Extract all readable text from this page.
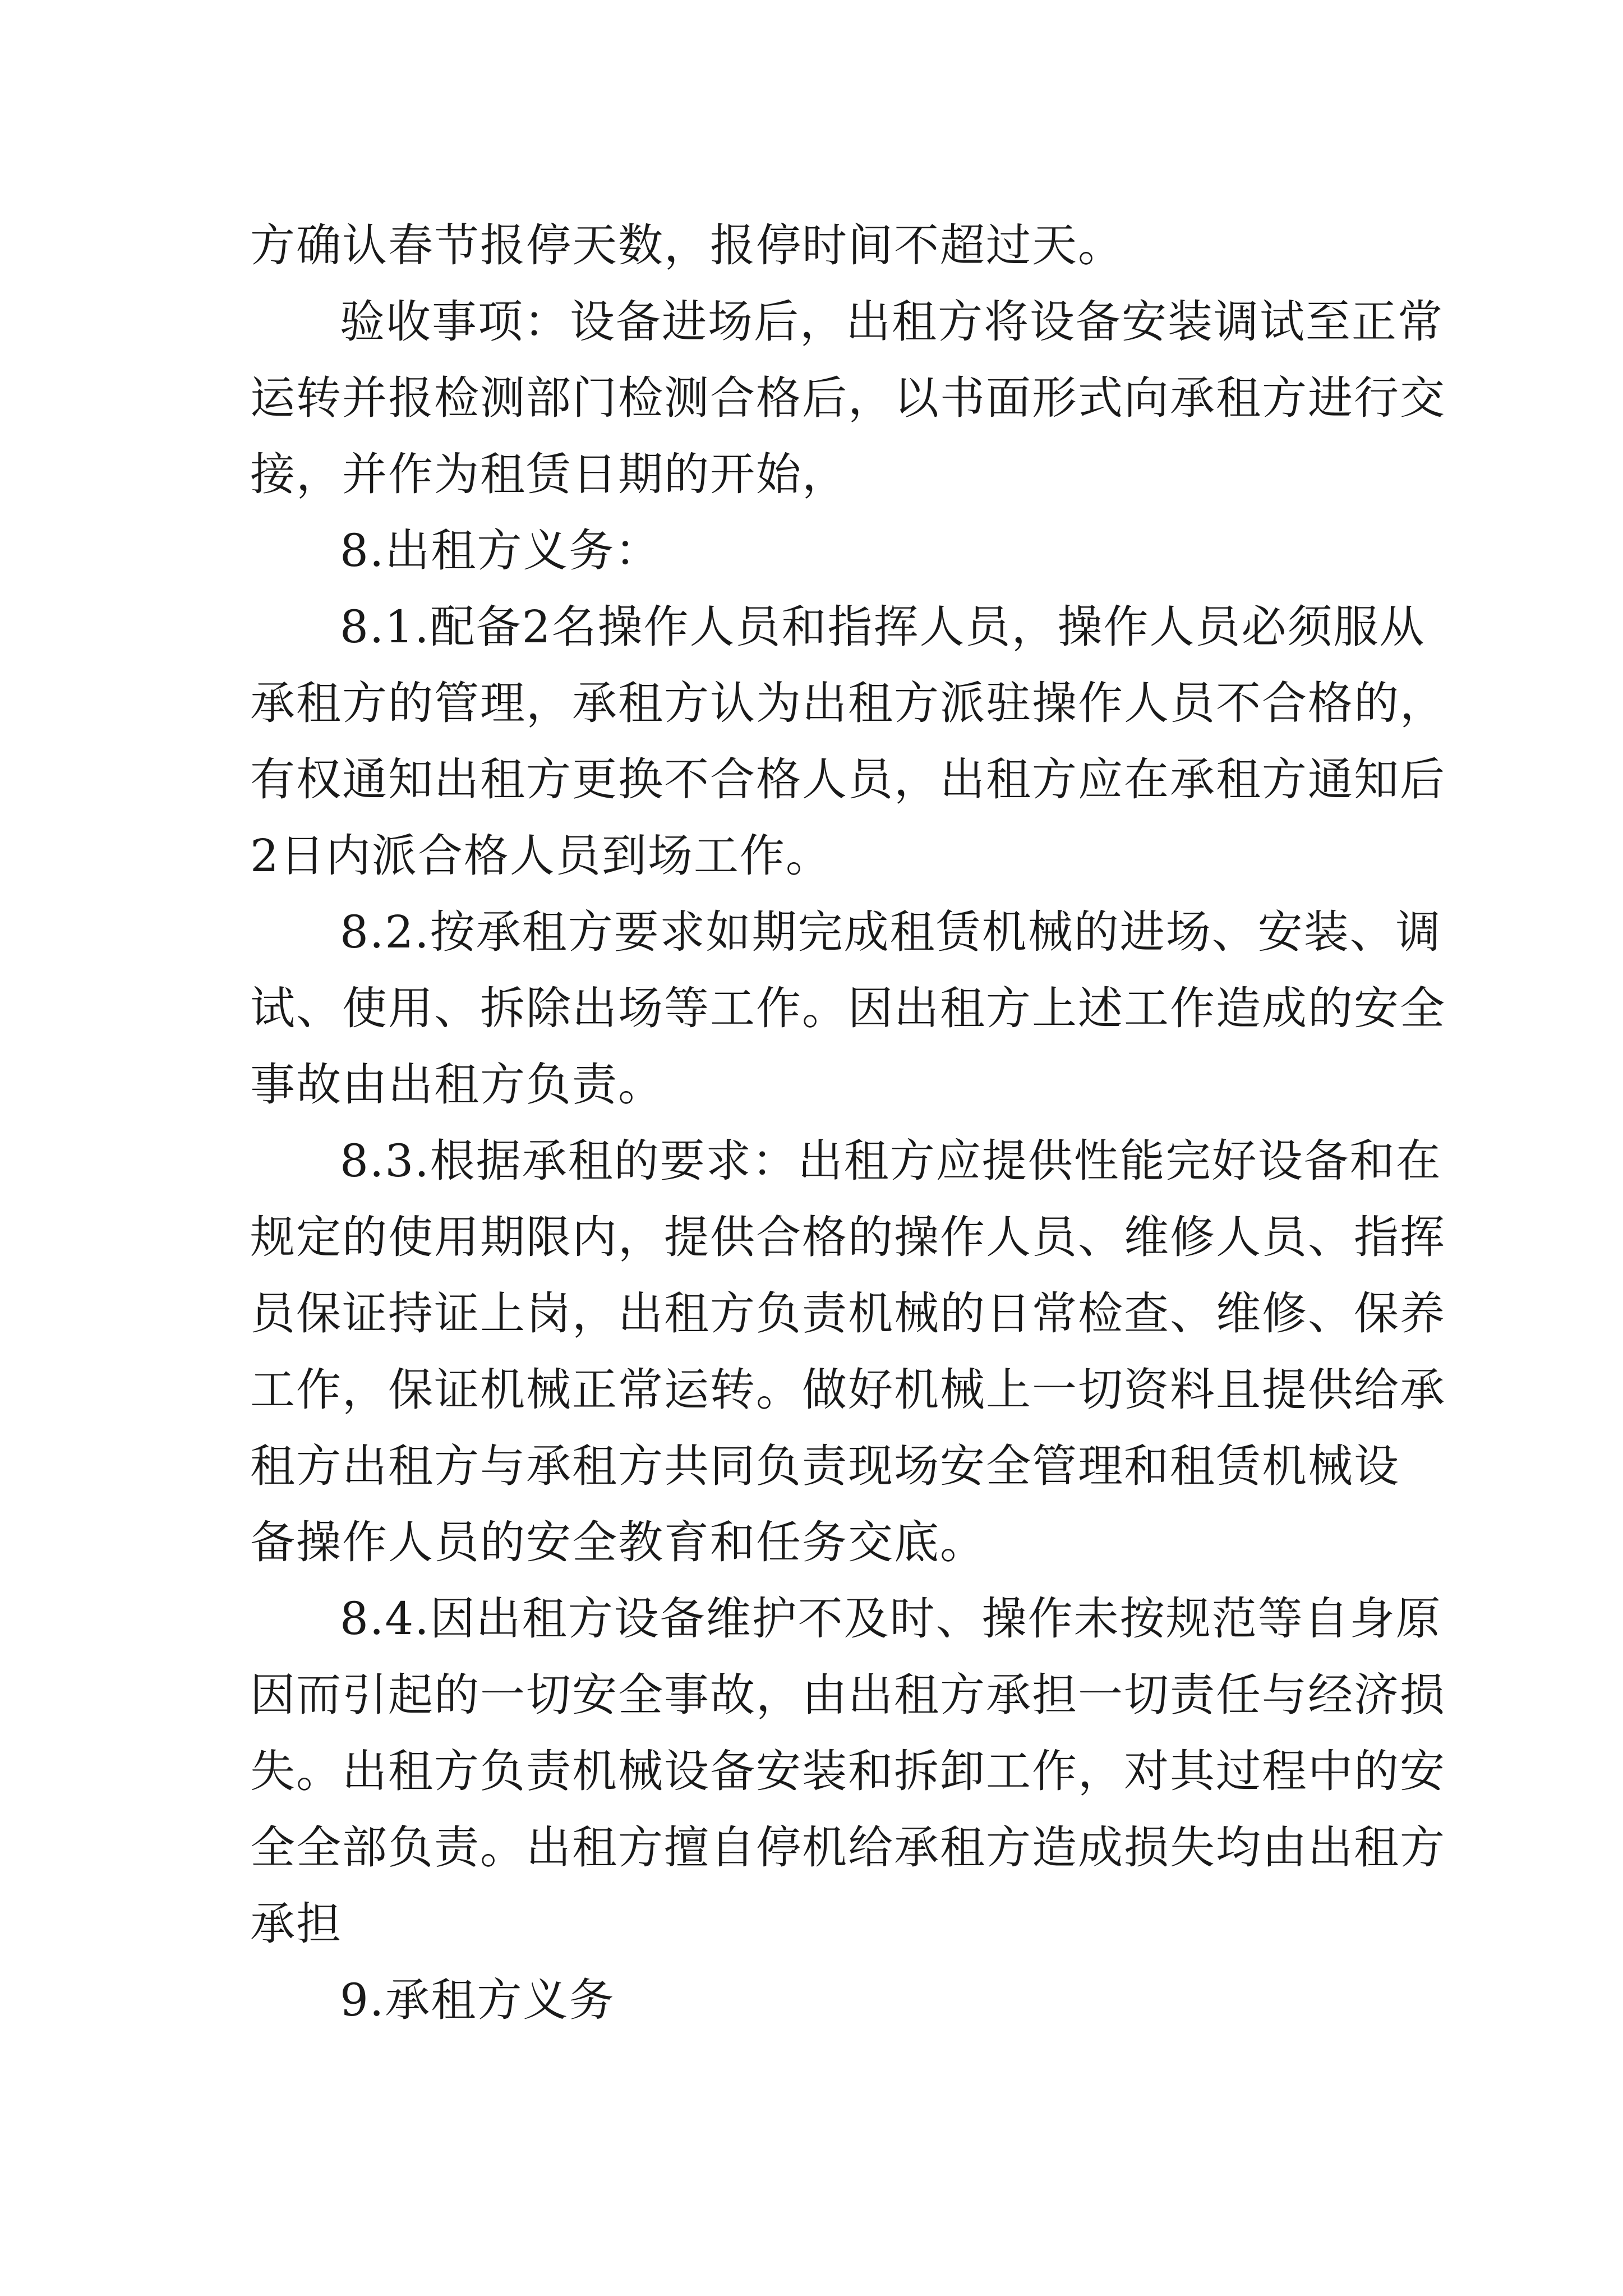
方确认春节报停天数，报停时间不超过天。
验收事项：设备进场后，出租方将设备安装调试至正常
运转并报检测部门检测合格后，以书面形式向承租方进行交
接，并作为租赁日期的开始，
8.出租方义务：
8.1.配备2名操作人员和指挥人员，操作人员必须服从
承租方的管理，承租方认为出租方派驻操作人员不合格的，
有权通知出租方更换不合格人员，出租方应在承租方通知后
2日内派合格人员到场工作。
8.2.按承租方要求如期完成租赁机械的进场、安装、调
试、使用、拆除出场等工作。因出租方上述工作造成的安全
事故由出租方负责。
8.3.根据承租的要求：出租方应提供性能完好设备和在
规定的使用期限内，提供合格的操作人员、维修人员、指挥
员保证持证上岗，出租方负责机械的日常检查、维修、保养
工作，保证机械正常运转。做好机械上一切资料且提供给承
租方出租方与承租方共同负责现场安全管理和租赁机械设
备操作人员的安全教育和任务交底。
8.4.因出租方设备维护不及时、操作未按规范等自身原
因而引起的一切安全事故，由出租方承担一切责任与经济损
失。出租方负责机械设备安装和拆卸工作，对其过程中的安
全全部负责。出租方擅自停机给承租方造成损失均由出租方
承担
9.承租方义务
